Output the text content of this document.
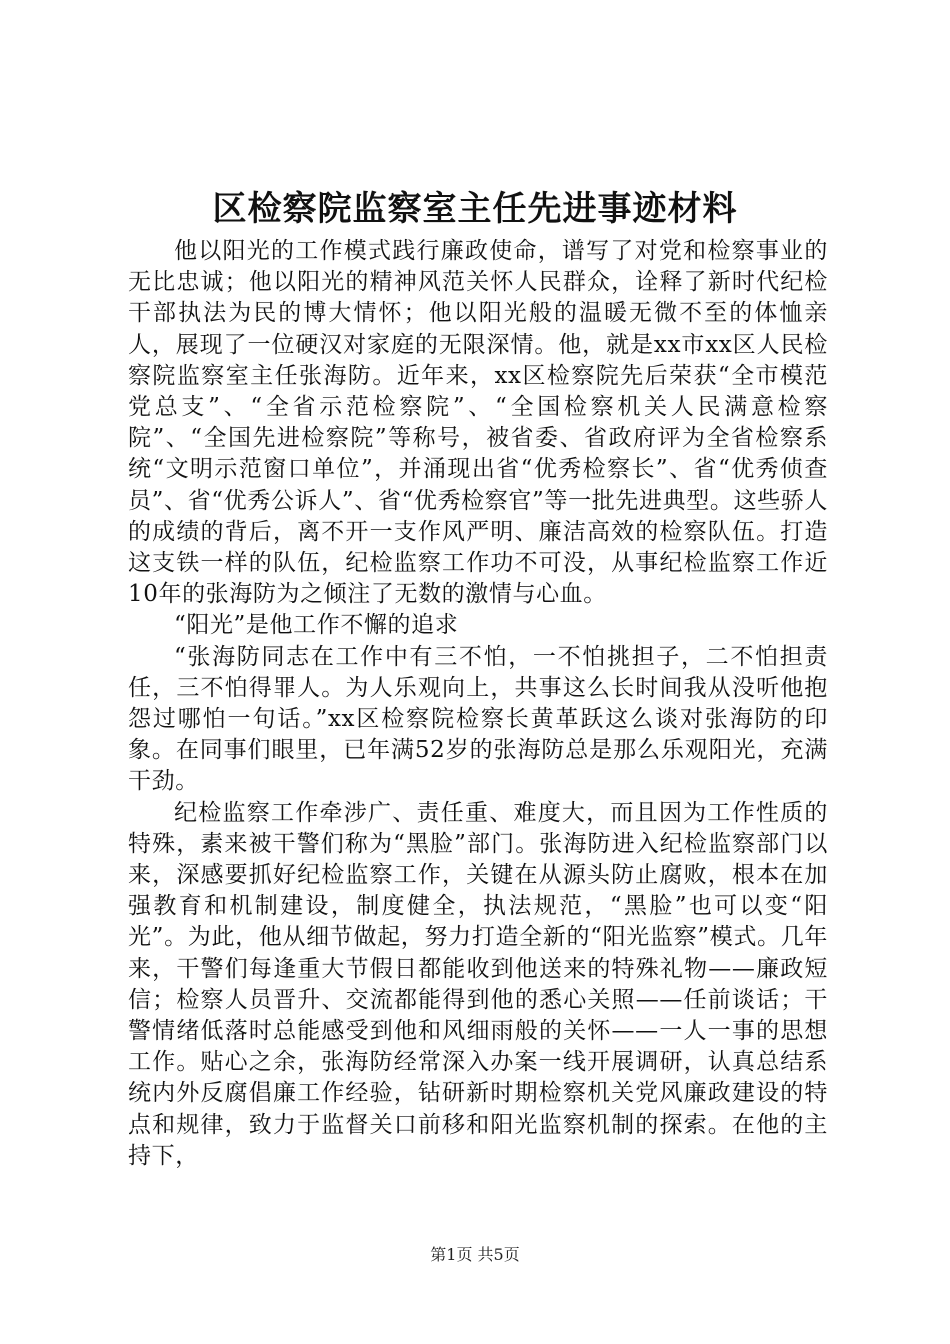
区检察院监察室主任先进事迹材料

他以阳光的工作模式践行廉政使命，谱写了对党和检察事业的无比忠诚；他以阳光的精神风范关怀人民群众，诠释了新时代纪检干部执法为民的博大情怀；他以阳光般的温暖无微不至的体恤亲人，展现了一位硬汉对家庭的无限深情。他，就是xx市xx区人民检察院监察室主任张海防。近年来，xx区检察院先后荣获“全市模范党总支”、“全省示范检察院”、“全国检察机关人民满意检察院”、“全国先进检察院”等称号，被省委、省政府评为全省检察系统“文明示范窗口单位”，并涌现出省“优秀检察长”、省“优秀侦查员”、省“优秀公诉人”、省“优秀检察官”等一批先进典型。这些骄人的成绩的背后，离不开一支作风严明、廉洁高效的检察队伍。打造这支铁一样的队伍，纪检监察工作功不可没，从事纪检监察工作近10年的张海防为之倾注了无数的激情与心血。

“阳光”是他工作不懈的追求

“张海防同志在工作中有三不怕，一不怕挑担子，二不怕担责任，三不怕得罪人。为人乐观向上，共事这么长时间我从没听他抱怨过哪怕一句话。”xx区检察院检察长黄革跃这么谈对张海防的印象。在同事们眼里，已年满52岁的张海防总是那么乐观阳光，充满干劲。

纪检监察工作牵涉广、责任重、难度大，而且因为工作性质的特殊，素来被干警们称为“黑脸”部门。张海防进入纪检监察部门以来，深感要抓好纪检监察工作，关键在从源头防止腐败，根本在加强教育和机制建设，制度健全，执法规范，“黑脸”也可以变“阳光”。为此，他从细节做起，努力打造全新的“阳光监察”模式。几年来，干警们每逢重大节假日都能收到他送来的特殊礼物——廉政短信；检察人员晋升、交流都能得到他的悉心关照——任前谈话；干警情绪低落时总能感受到他和风细雨般的关怀——一人一事的思想工作。贴心之余，张海防经常深入办案一线开展调研，认真总结系统内外反腐倡廉工作经验，钻研新时期检察机关党风廉政建设的特点和规律，致力于监督关口前移和阳光监察机制的探索。在他的主持下，

第1页 共5页
